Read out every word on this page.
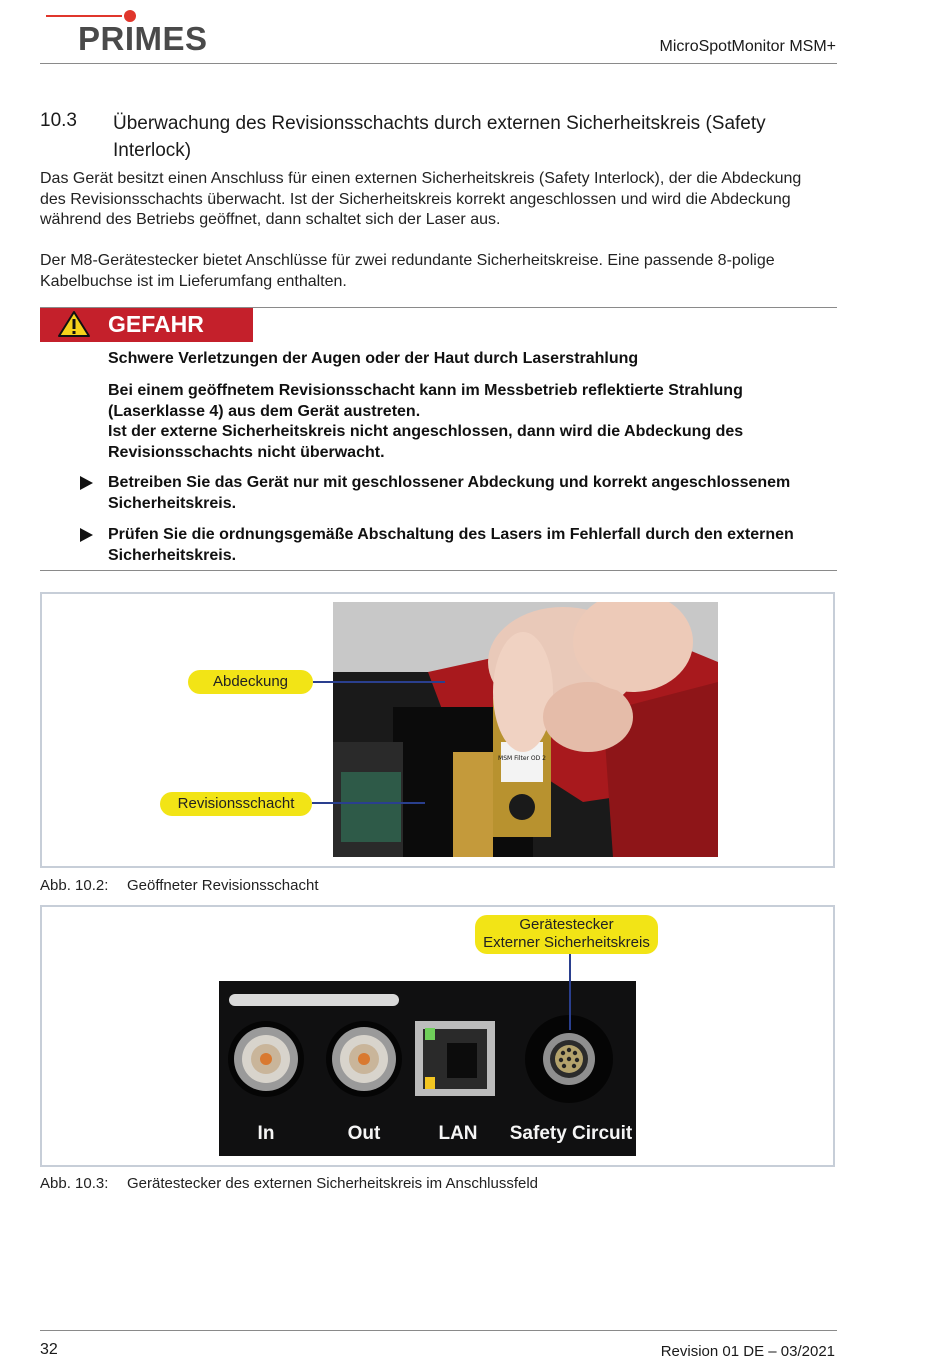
PRIMES	MicroSpotMonitor MSM+
10.3 Überwachung des Revisionsschachts durch externen Sicherheitskreis (Safety Interlock)
Das Gerät besitzt einen Anschluss für einen externen Sicherheitskreis (Safety Interlock), der die Abdeckung des Revisionsschachts überwacht. Ist der Sicherheitskreis korrekt angeschlossen und wird die Abdeckung während des Betriebs geöffnet, dann schaltet sich der Laser aus.
Der M8-Gerätestecker bietet Anschlüsse für zwei redundante Sicherheitskreise. Eine passende 8-polige Kabelbuchse ist im Lieferumfang enthalten.
GEFAHR
Schwere Verletzungen der Augen oder der Haut durch Laserstrahlung
Bei einem geöffnetem Revisionsschacht kann im Messbetrieb reflektierte Strahlung (Laserklasse 4) aus dem Gerät austreten.
Ist der externe Sicherheitskreis nicht angeschlossen, dann wird die Abdeckung des Revisionsschachts nicht überwacht.
Betreiben Sie das Gerät nur mit geschlossener Abdeckung und korrekt angeschlossenem Sicherheitskreis.
Prüfen Sie die ordnungsgemäße Abschaltung des Lasers im Fehlerfall durch den externen Sicherheitskreis.
MSM Filter OD 2
Abdeckung
Revisionsschacht
Abb. 10.2: Geöffneter Revisionsschacht
In	Out	LAN Safety Circuit
Gerätestecker
Externer Sicherheitskreis
Abb. 10.3: Gerätestecker des externen Sicherheitskreis im Anschlussfeld
32	Revision 01 DE – 03/2021
